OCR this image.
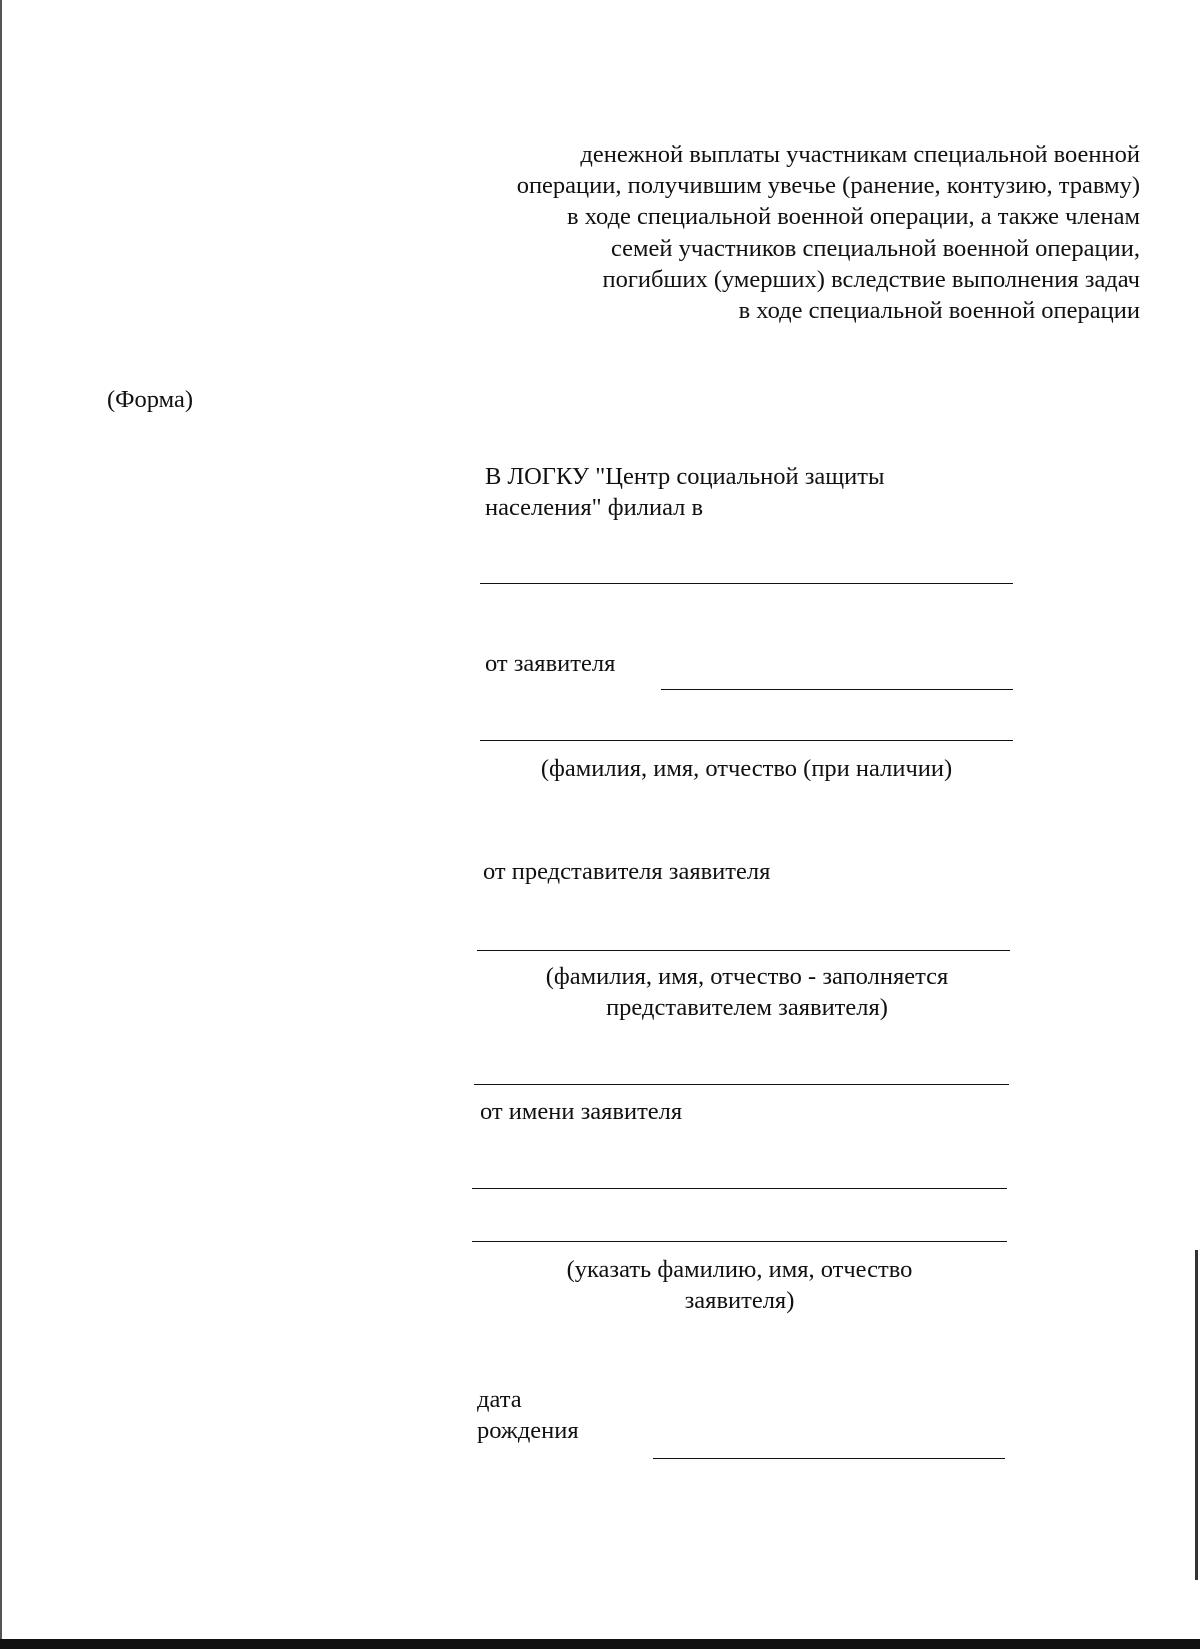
денежной выплаты участникам специальной военной
операции, получившим увечье (ранение, контузию, травму)
в ходе специальной военной операции, а также членам
семей участников специальной военной операции,
погибших (умерших) вследствие выполнения задач
в ходе специальной военной операции
(Форма)
В ЛОГКУ "Центр социальной защиты
населения" филиал в
от заявителя
(фамилия, имя, отчество (при наличии)
от представителя заявителя
(фамилия, имя, отчество - заполняется
представителем заявителя)
от имени заявителя
(указать фамилию, имя, отчество
заявителя)
дата
рождения
